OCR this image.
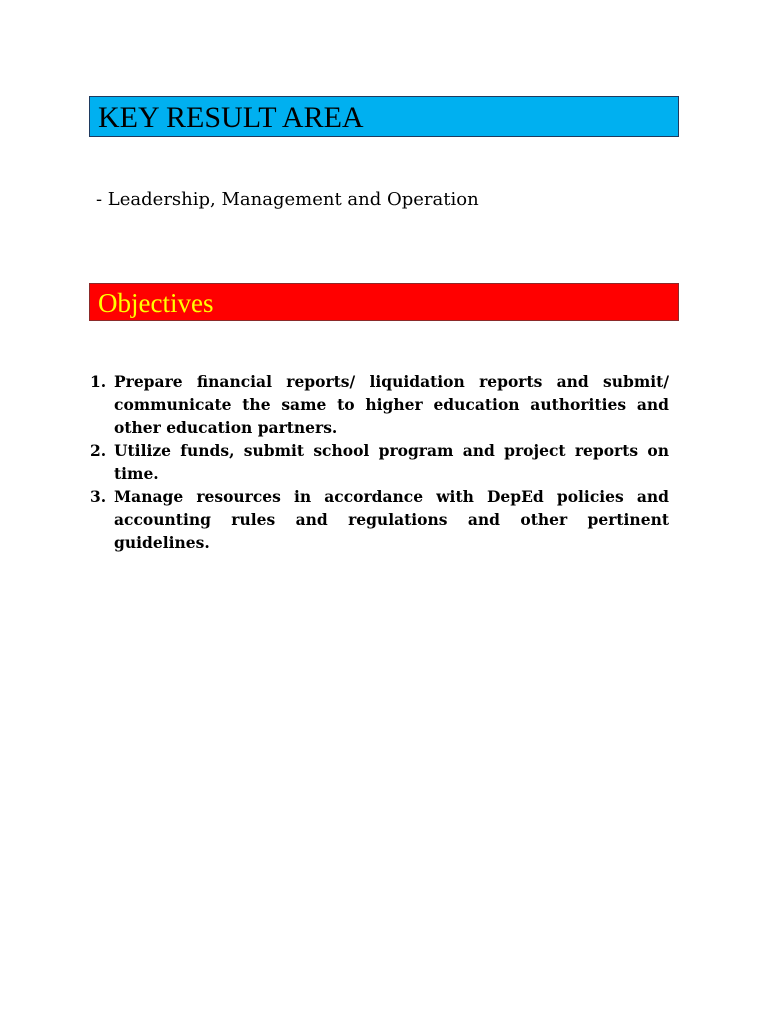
KEY RESULT AREA
- Leadership, Management and Operation
Objectives
1. Prepare financial reports/ liquidation reports and submit/ communicate the same to higher education authorities and other education partners.
2. Utilize funds, submit school program and project reports on time.
3. Manage resources in accordance with DepEd policies and accounting rules and regulations and other pertinent guidelines.
